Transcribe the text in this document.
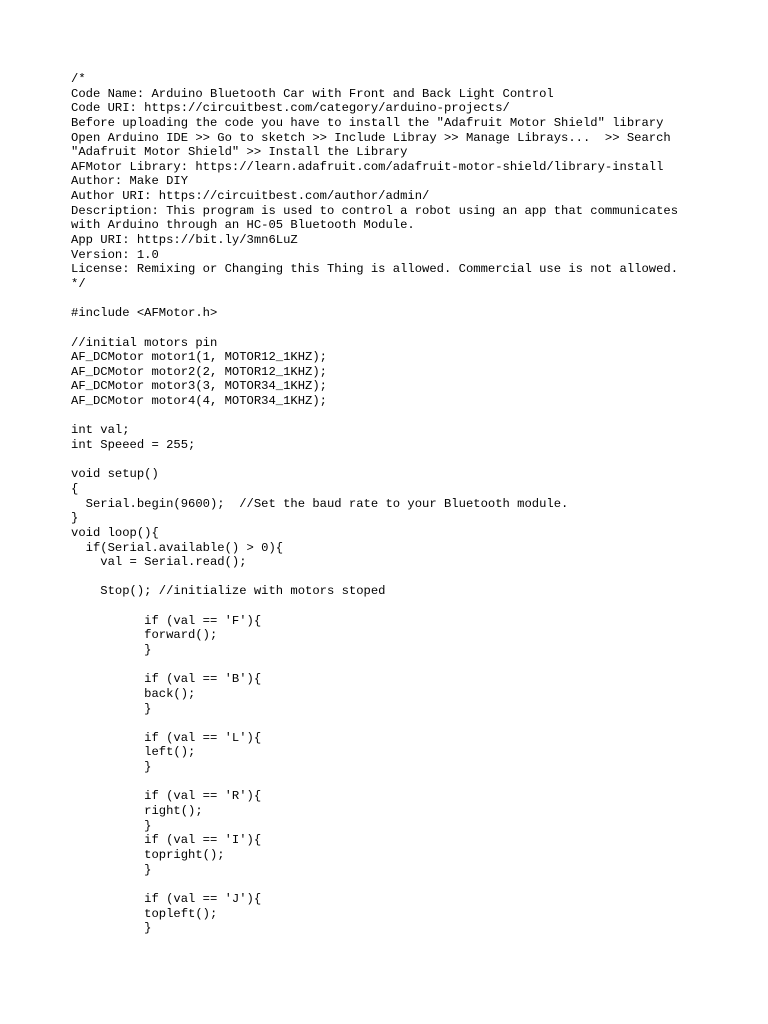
/*
Code Name: Arduino Bluetooth Car with Front and Back Light Control
Code URI: https://circuitbest.com/category/arduino-projects/
Before uploading the code you have to install the "Adafruit Motor Shield" library
Open Arduino IDE >> Go to sketch >> Include Libray >> Manage Librays...  >> Search
"Adafruit Motor Shield" >> Install the Library
AFMotor Library: https://learn.adafruit.com/adafruit-motor-shield/library-install
Author: Make DIY
Author URI: https://circuitbest.com/author/admin/
Description: This program is used to control a robot using an app that communicates
with Arduino through an HC-05 Bluetooth Module.
App URI: https://bit.ly/3mn6LuZ
Version: 1.0
License: Remixing or Changing this Thing is allowed. Commercial use is not allowed.
*/
#include <AFMotor.h>
//initial motors pin
AF_DCMotor motor1(1, MOTOR12_1KHZ);
AF_DCMotor motor2(2, MOTOR12_1KHZ);
AF_DCMotor motor3(3, MOTOR34_1KHZ);
AF_DCMotor motor4(4, MOTOR34_1KHZ);
int val;
int Speeed = 255;
void setup()
{
Serial.begin(9600);  //Set the baud rate to your Bluetooth module.
}
void loop(){
if(Serial.available() > 0){
val = Serial.read();
Stop(); //initialize with motors stoped
if (val == 'F'){
forward();
}
if (val == 'B'){
back();
}
if (val == 'L'){
left();
}
if (val == 'R'){
right();
}
if (val == 'I'){
topright();
}
if (val == 'J'){
topleft();
}
